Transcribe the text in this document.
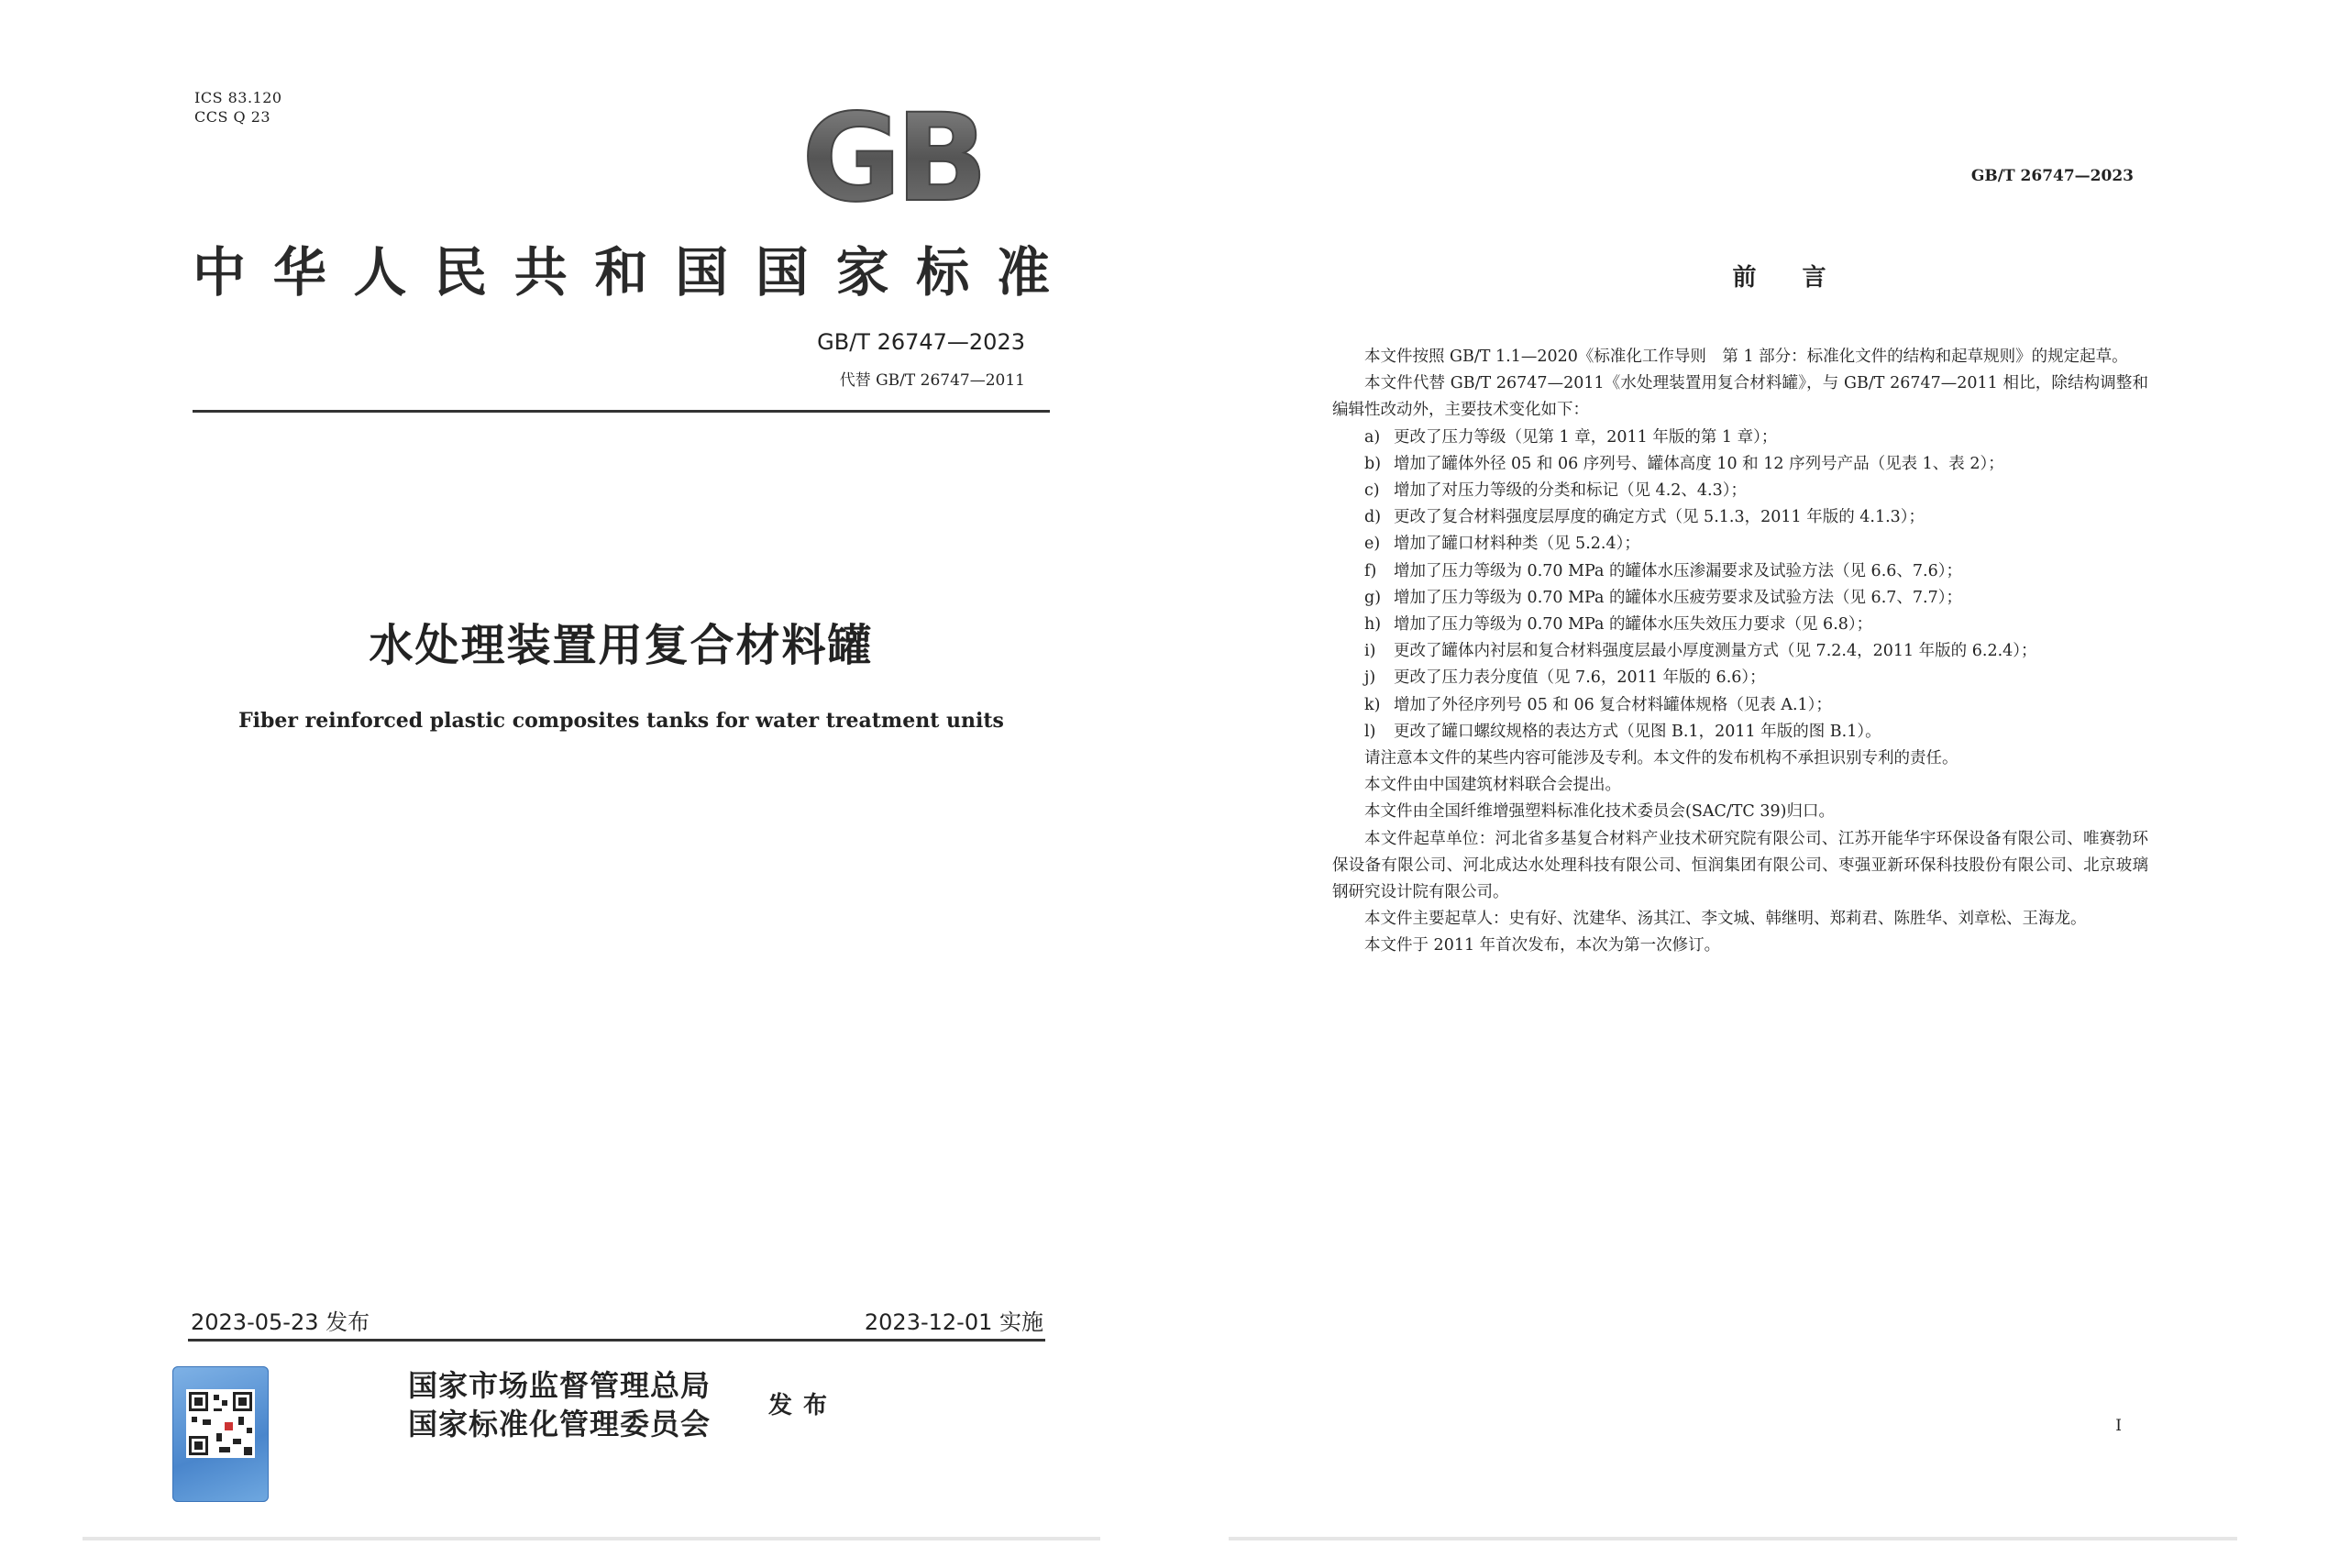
ICS 83.120
CCS Q 23	GB
中华人民共和国国家标准
GB/T 26747—2023
代替 GB/T 26747—2011
水处理装置用复合材料罐
Fiber reinforced plastic composites tanks for water treatment units
2023-05-23 发布	2023-12-01 实施
国家市场监督管理总局
国家标准化管理委员会
发布
GB/T 26747—2023
前言

本文件按照 GB/T 1.1—2020《标准化工作导则　第 1 部分：标准化文件的结构和起草规则》的规定起草。

本文件代替 GB/T 26747—2011《水处理装置用复合材料罐》，与 GB/T 26747—2011 相比，除结构调整和编辑性改动外，主要技术变化如下：

a) 更改了压力等级（见第 1 章，2011 年版的第 1 章）；
b) 增加了罐体外径 05 和 06 序列号、罐体高度 10 和 12 序列号产品（见表 1、表 2）；
c) 增加了对压力等级的分类和标记（见 4.2、4.3）；
d) 更改了复合材料强度层厚度的确定方式（见 5.1.3，2011 年版的 4.1.3）；
e) 增加了罐口材料种类（见 5.2.4）；
f) 增加了压力等级为 0.70 MPa 的罐体水压渗漏要求及试验方法（见 6.6、7.6）；
g) 增加了压力等级为 0.70 MPa 的罐体水压疲劳要求及试验方法（见 6.7、7.7）；
h) 增加了压力等级为 0.70 MPa 的罐体水压失效压力要求（见 6.8）；
i) 更改了罐体内衬层和复合材料强度层最小厚度测量方式（见 7.2.4，2011 年版的 6.2.4）；
j) 更改了压力表分度值（见 7.6，2011 年版的 6.6）；
k) 增加了外径序列号 05 和 06 复合材料罐体规格（见表 A.1）；
l) 更改了罐口螺纹规格的表达方式（见图 B.1，2011 年版的图 B.1）。

请注意本文件的某些内容可能涉及专利。本文件的发布机构不承担识别专利的责任。

本文件由中国建筑材料联合会提出。

本文件由全国纤维增强塑料标准化技术委员会(SAC/TC 39)归口。

本文件起草单位：河北省多基复合材料产业技术研究院有限公司、江苏开能华宇环保设备有限公司、唯赛勃环保设备有限公司、河北成达水处理科技有限公司、恒润集团有限公司、枣强亚新环保科技股份有限公司、北京玻璃钢研究设计院有限公司。

本文件主要起草人：史有好、沈建华、汤其江、李文城、韩继明、郑莉君、陈胜华、刘章松、王海龙。

本文件于 2011 年首次发布，本次为第一次修订。

I
